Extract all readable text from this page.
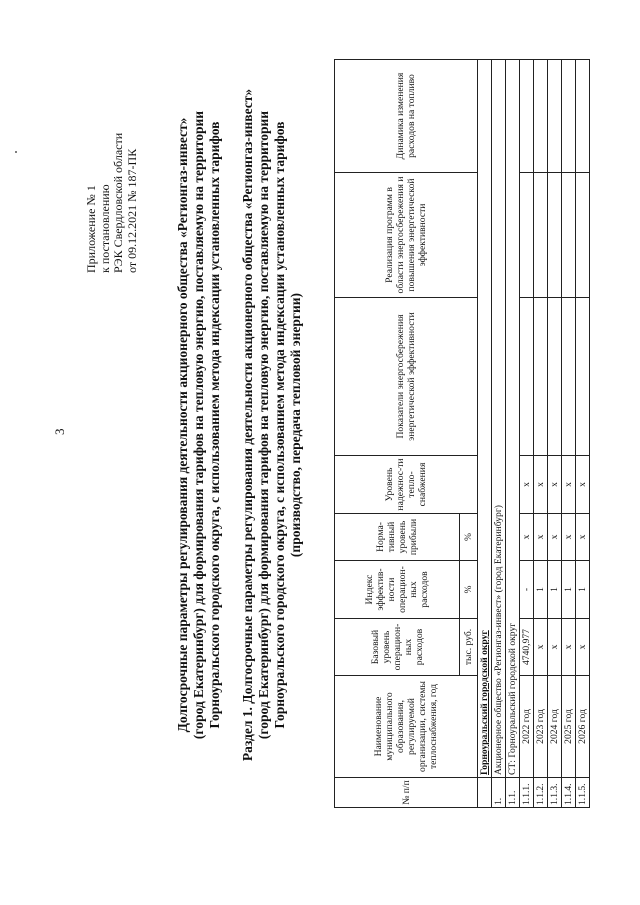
3
Приложение № 1 к постановлению РЭК Свердловской области от 09.12.2021 № 187-ПК	Долгосрочные параметры регулирования деятельности акционерного общества «Регионгаз-инвест» (город Екатеринбург) для формирования тарифов на тепловую энергию, поставляемую на территории Горноуральского городского округа, с использованием метода индексации установленных тарифов Раздел 1. Долгосрочные параметры регулирования деятельности акционерного общества «Регионгаз-инвест» (город Екатеринбург) для формирования тарифов на тепловую энергию, поставляемую на территории Горноуральского городского округа, с использованием метода индексации установленных тарифов (производство, передача тепловой энергии)
№ п/п	Наименование муниципального образования, регулируемой организации, системы теплоснабжения, год	Базовый уровень операцион-ных расходов	Индекс эффектив-ности операцион-ных расходов	Норма-тивный уровень прибыли	Уровень надежнос-ти тепло-снабжения	Показатели энергосбережения энергетической эффективности	Реализация программ в области энергосбережения и повышения энергетической эффективности	Динамика изменения расходов на топливо
		тыс. руб.	%	%				
	Горноуральский городской округ							
1.	Акционерное общество «Регионгаз-инвест» (город Екатеринбург)							
1.1.	СТ: Горноуральский городской округ							
1.1.1.	2022 год	4740,977	-	x	x			
1.1.2.	2023 год	x	1	x	x			
1.1.3.	2024 год	x	1	x	x			
1.1.4.	2025 год	x	1	x	x			
1.1.5.	2026 год	x	1	x	x			
